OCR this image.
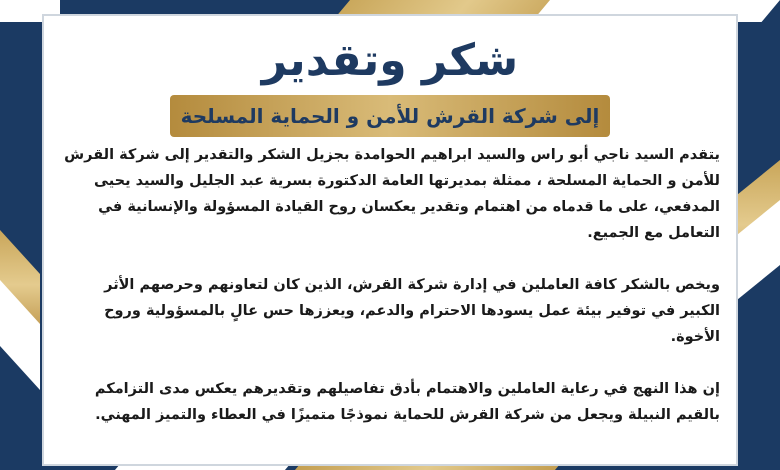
شكر وتقدير
إلى شركة القرش للأمن و الحماية المسلحة

يتقدم السيد ناجي أبو راس والسيد ابراهيم الحوامدة بجزيل الشكر والتقدير إلى شركة القرش للأمن و الحماية المسلحة ، ممثلة بمديرتها العامة الدكتورة بسرية عبد الجليل والسيد يحيى المدفعي، على ما قدماه من اهتمام وتقدير يعكسان روح القيادة المسؤولة والإنسانية في التعامل مع الجميع.

ويخص بالشكر كافة العاملين في إدارة شركة القرش، الذين كان لتعاونهم وحرصهم الأثر الكبير في توفير بيئة عمل يسودها الاحترام والدعم، ويعززها حس عالٍ بالمسؤولية وروح الأخوة.

إن هذا النهج في رعاية العاملين والاهتمام بأدق تفاصيلهم وتقديرهم يعكس مدى التزامكم بالقيم النبيلة ويجعل من شركة القرش للحماية نموذجًا متميزًا في العطاء والتميز المهني.
